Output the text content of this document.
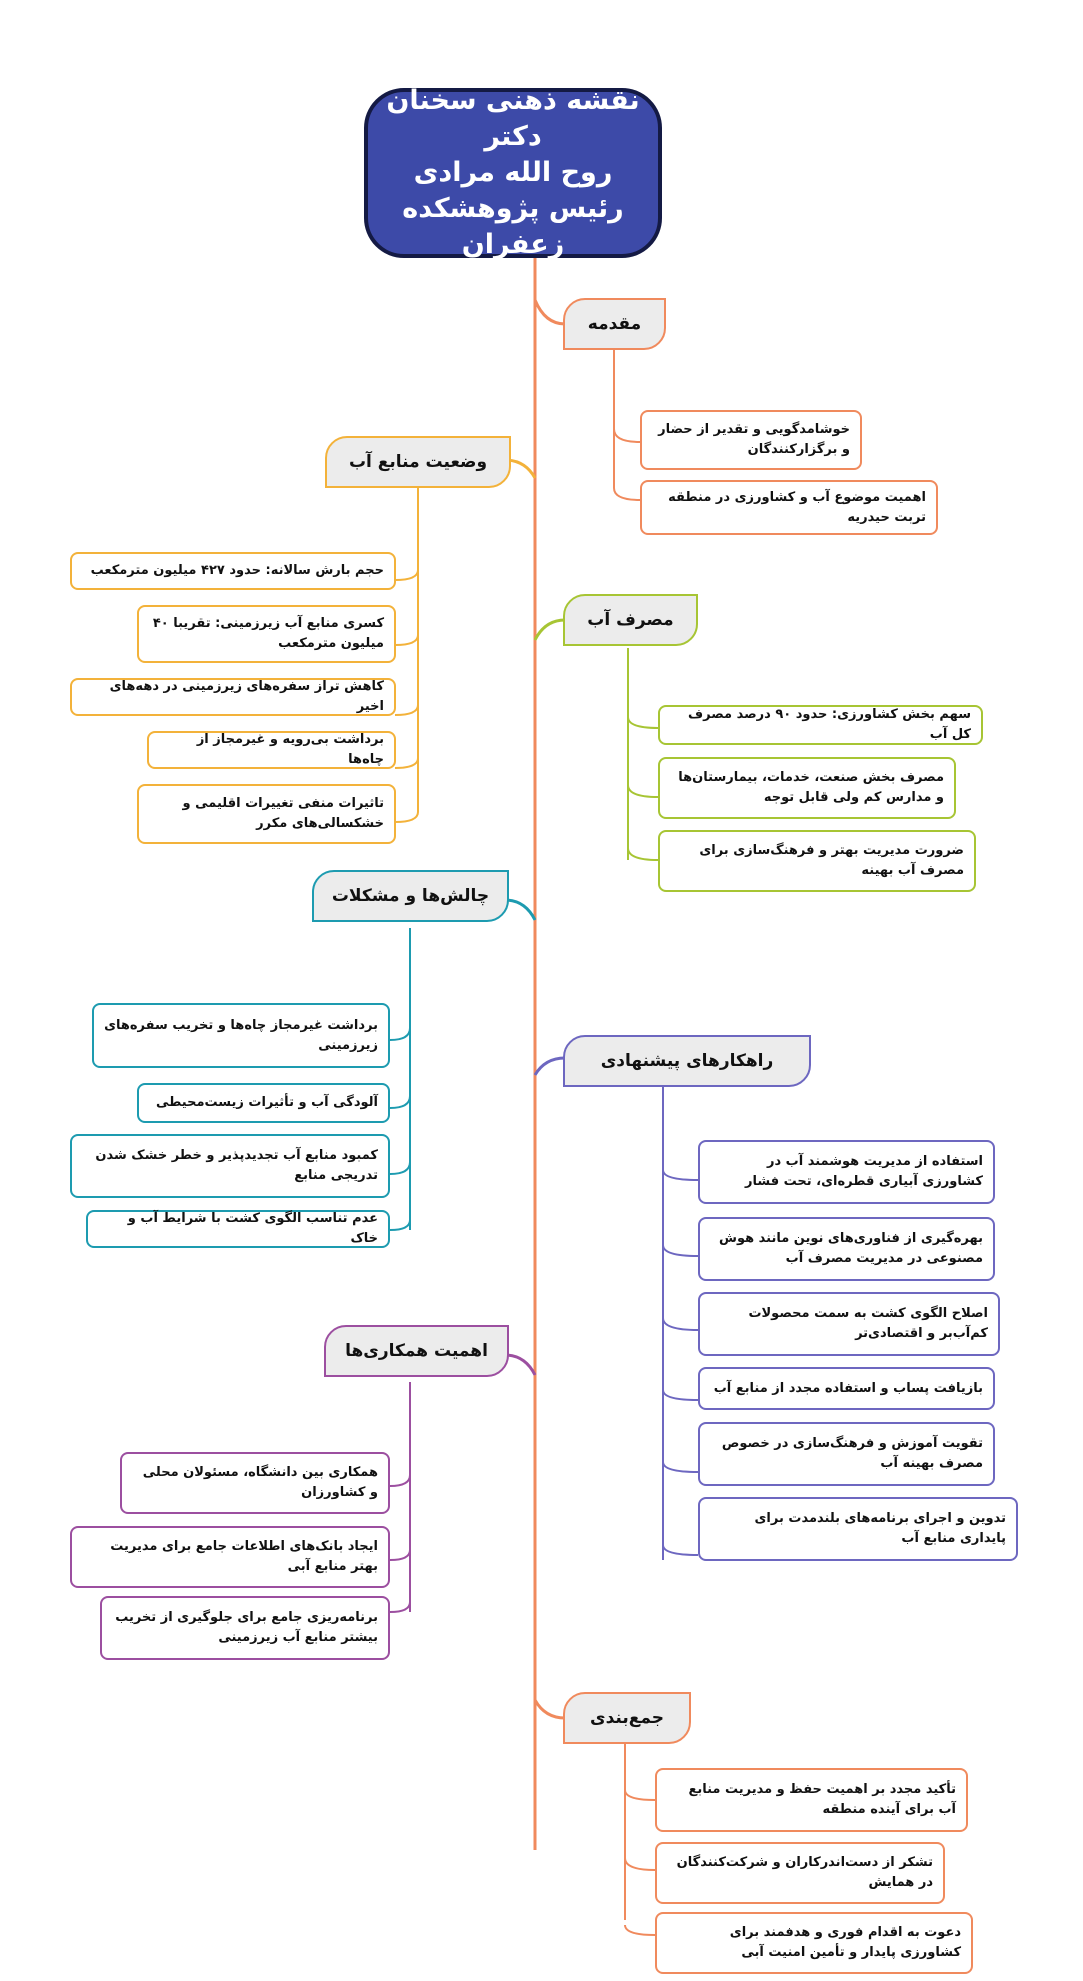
نقشه ذهنی سخنان دکتر
روح الله مرادی
رئیس پژوهشکده زعفران
مقدمه
خوشامدگویی و تقدیر از حضار و برگزارکنندگان
اهمیت موضوع آب و کشاورزی در منطقه تربت حیدریه
وضعیت منابع آب
حجم بارش سالانه: حدود ۴۲۷ میلیون مترمکعب
کسری منابع آب زیرزمینی: تقریبا ۴۰ میلیون مترمکعب
کاهش تراز سفره‌های زیرزمینی در دهه‌های اخیر
برداشت بی‌رویه و غیرمجاز از چاه‌ها
تاثیرات منفی تغییرات اقلیمی و خشکسالی‌های مکرر
مصرف آب
سهم بخش کشاورزی: حدود ۹۰ درصد مصرف کل آب
مصرف بخش صنعت، خدمات، بیمارستان‌ها و مدارس کم ولی قابل توجه
ضرورت مدیریت بهتر و فرهنگ‌سازی برای مصرف آب بهینه
چالش‌ها و مشکلات
برداشت غیرمجاز چاه‌ها و تخریب سفره‌های زیرزمینی
آلودگی آب و تأثیرات زیست‌محیطی
کمبود منابع آب تجدیدپذیر و خطر خشک شدن تدریجی منابع
عدم تناسب الگوی کشت با شرایط آب و خاک
راهکارهای پیشنهادی
استفاده از مدیریت هوشمند آب در کشاورزی آبیاری قطره‌ای، تحت فشار
بهره‌گیری از فناوری‌های نوین مانند هوش مصنوعی در مدیریت مصرف آب
اصلاح الگوی کشت به سمت محصولات کم‌آب‌بر و اقتصادی‌تر
بازیافت پساب و استفاده مجدد از منابع آب
تقویت آموزش و فرهنگ‌سازی در خصوص مصرف بهینه آب
تدوین و اجرای برنامه‌های بلندمدت برای پایداری منابع آب
اهمیت همکاری‌ها
همکاری بین دانشگاه، مسئولان محلی و کشاورزان
ایجاد بانک‌های اطلاعات جامع برای مدیریت بهتر منابع آبی
برنامه‌ریزی جامع برای جلوگیری از تخریب بیشتر منابع آب زیرزمینی
جمع‌بندی
تأکید مجدد بر اهمیت حفظ و مدیریت منابع آب برای آینده منطقه
تشکر از دست‌اندرکاران و شرکت‌کنندگان در همایش
دعوت به اقدام فوری و هدفمند برای کشاورزی پایدار و تأمین امنیت آبی
